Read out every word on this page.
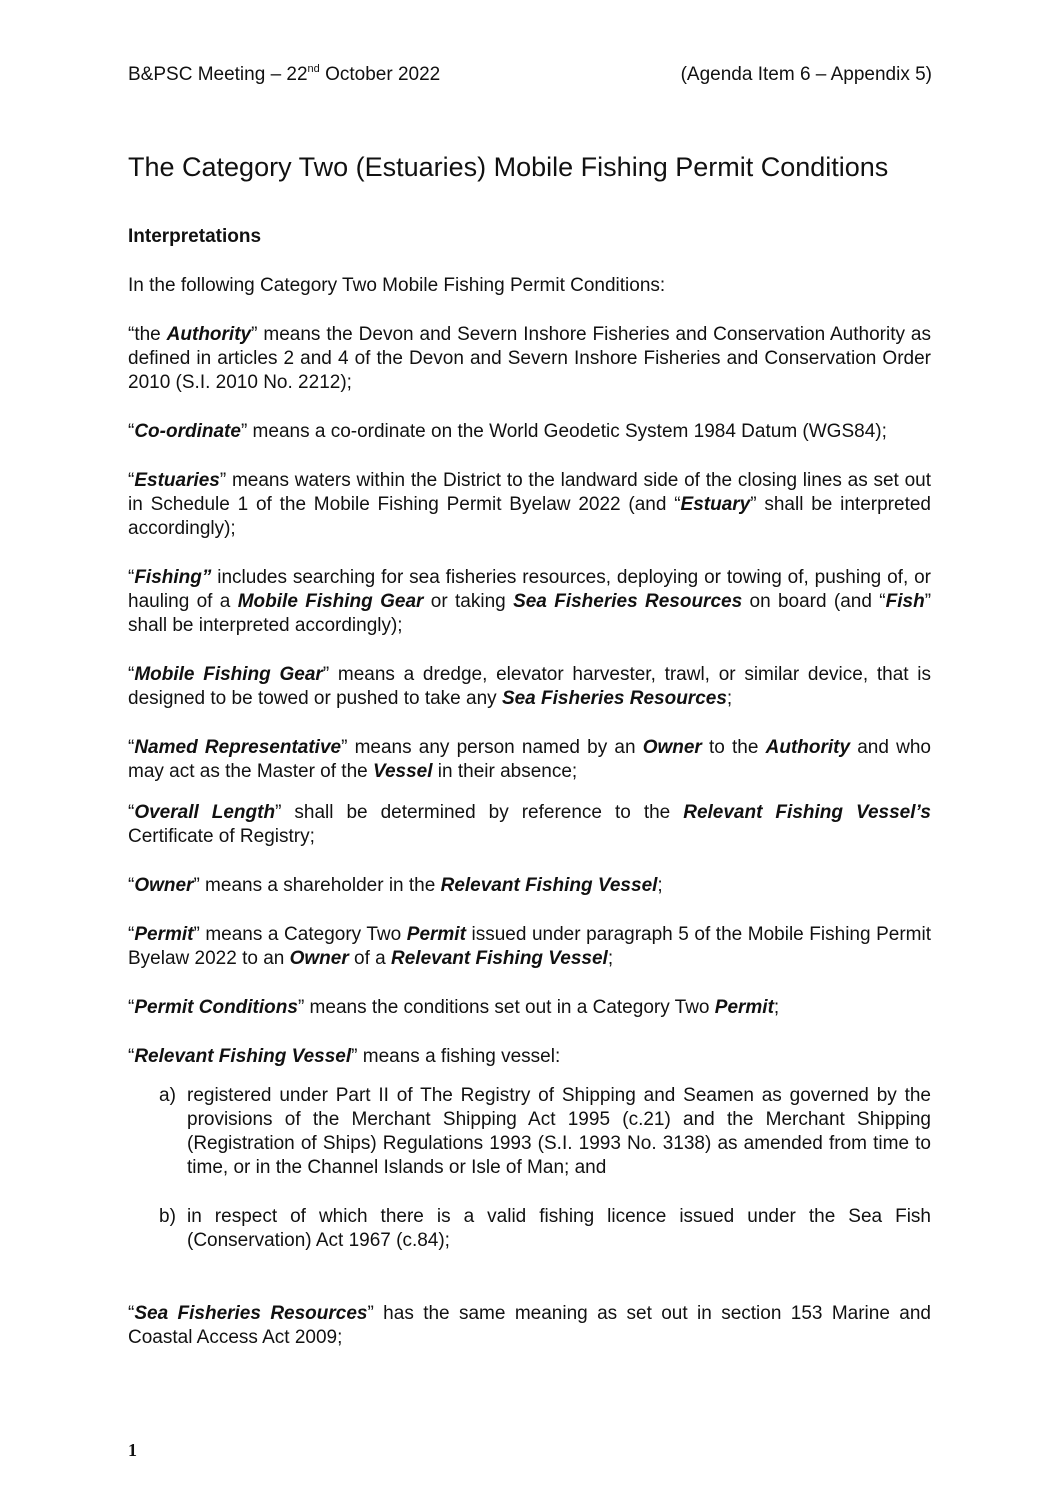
B&PSC Meeting – 22nd October 2022	(Agenda Item 6 – Appendix 5)
The Category Two (Estuaries) Mobile Fishing Permit Conditions

Interpretations

In the following Category Two Mobile Fishing Permit Conditions:

“the Authority” means the Devon and Severn Inshore Fisheries and Conservation Authority as defined in articles 2 and 4 of the Devon and Severn Inshore Fisheries and Conservation Order 2010 (S.I. 2010 No. 2212);

“Co-ordinate” means a co-ordinate on the World Geodetic System 1984 Datum (WGS84);

“Estuaries” means waters within the District to the landward side of the closing lines as set out in Schedule 1 of the Mobile Fishing Permit Byelaw 2022 (and “Estuary” shall be interpreted accordingly);

“Fishing” includes searching for sea fisheries resources, deploying or towing of, pushing of, or hauling of a Mobile Fishing Gear or taking Sea Fisheries Resources on board (and “Fish” shall be interpreted accordingly);

“Mobile Fishing Gear” means a dredge, elevator harvester, trawl, or similar device, that is designed to be towed or pushed to take any Sea Fisheries Resources;

“Named Representative” means any person named by an Owner to the Authority and who may act as the Master of the Vessel in their absence;

“Overall Length” shall be determined by reference to the Relevant Fishing Vessel’s Certificate of Registry;

“Owner” means a shareholder in the Relevant Fishing Vessel;

“Permit” means a Category Two Permit issued under paragraph 5 of the Mobile Fishing Permit Byelaw 2022 to an Owner of a Relevant Fishing Vessel;

“Permit Conditions” means the conditions set out in a Category Two Permit;

“Relevant Fishing Vessel” means a fishing vessel:

a) registered under Part II of The Registry of Shipping and Seamen as governed by the provisions of the Merchant Shipping Act 1995 (c.21) and the Merchant Shipping (Registration of Ships) Regulations 1993 (S.I. 1993 No. 3138) as amended from time to time, or in the Channel Islands or Isle of Man; and
b) in respect of which there is a valid fishing licence issued under the Sea Fish (Conservation) Act 1967 (c.84);

“Sea Fisheries Resources” has the same meaning as set out in section 153 Marine and Coastal Access Act 2009;

1
